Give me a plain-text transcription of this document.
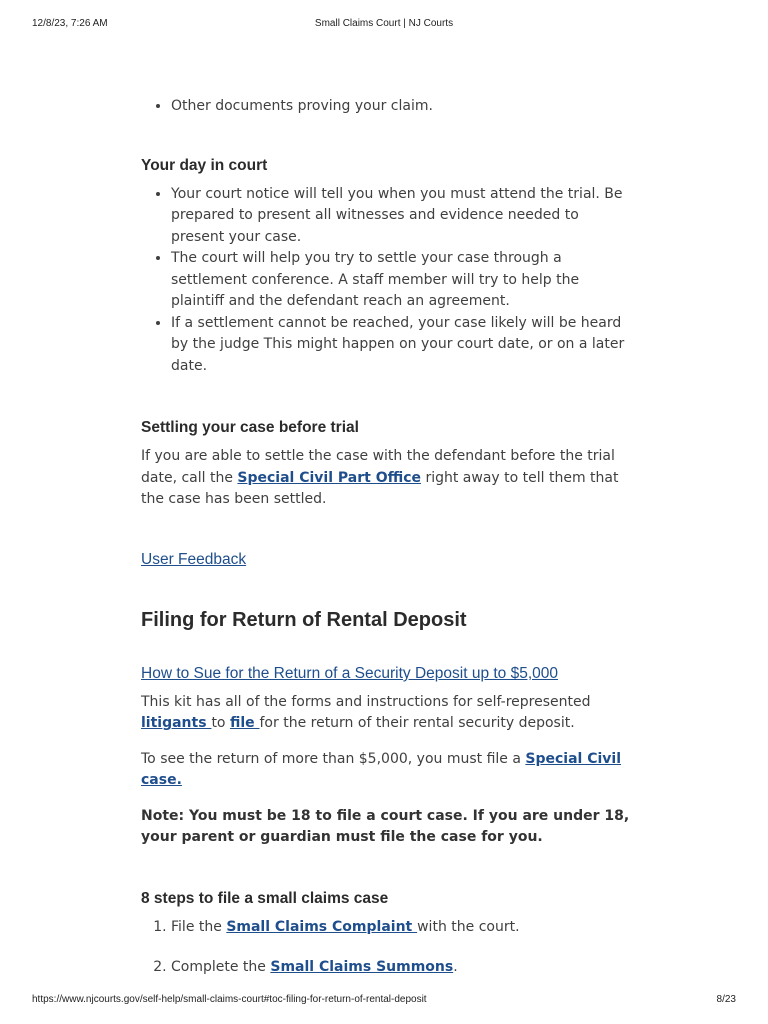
12/8/23, 7:26 AM	Small Claims Court | NJ Courts
• Other documents proving your claim.
Your day in court
• Your court notice will tell you when you must attend the trial. Be prepared to present all witnesses and evidence needed to present your case.
• The court will help you try to settle your case through a settlement conference. A staff member will try to help the plaintiff and the defendant reach an agreement.
• If a settlement cannot be reached, your case likely will be heard by the judge This might happen on your court date, or on a later date.
Settling your case before trial

If you are able to settle the case with the defendant before the trial date, call the Special Civil Part Office right away to tell them that the case has been settled.

User Feedback
Filing for Return of Rental Deposit
How to Sue for the Return of a Security Deposit up to $5,000

This kit has all of the forms and instructions for self-represented litigants to file for the return of their rental security deposit.

To see the return of more than $5,000, you must file a Special Civil case.

Note: You must be 18 to file a court case. If you are under 18, your parent or guardian must file the case for you.

8 steps to file a small claims case
1. File the Small Claims Complaint with the court.
2. Complete the Small Claims Summons.
https://www.njcourts.gov/self-help/small-claims-court#toc-filing-for-return-of-rental-deposit	8/23
